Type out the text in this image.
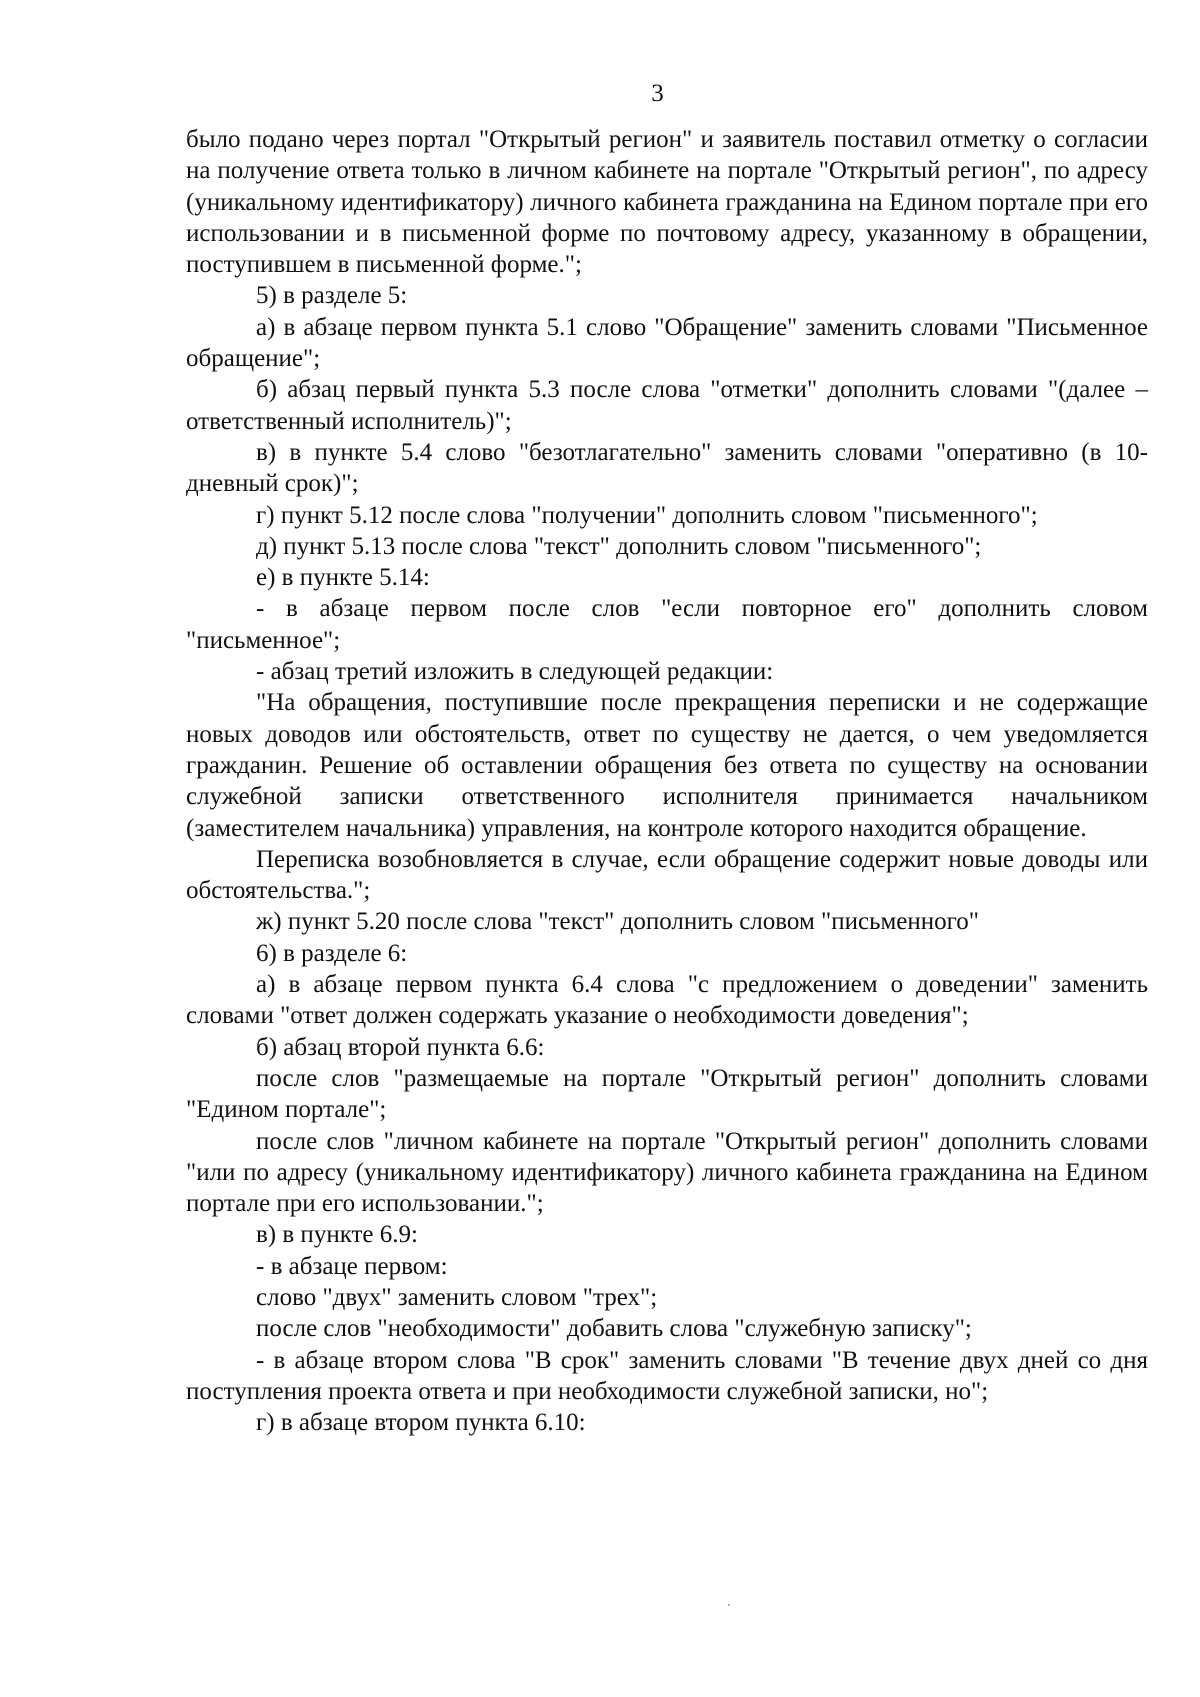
3

было подано через портал "Открытый регион" и заявитель поставил отметку о согласии на получение ответа только в личном кабинете на портале "Открытый регион", по адресу (уникальному идентификатору) личного кабинета гражданина на Едином портале при его использовании и в письменной форме по почтовому адресу, указанному в обращении, поступившем в письменной форме.";

5) в разделе 5:

а) в абзаце первом пункта 5.1 слово "Обращение" заменить словами "Письменное обращение";

б) абзац первый пункта 5.3 после слова "отметки" дополнить словами "(далее – ответственный исполнитель)";

в) в пункте 5.4 слово "безотлагательно" заменить словами "оперативно (в 10-дневный срок)";

г) пункт 5.12 после слова "получении" дополнить словом "письменного";

д) пункт 5.13 после слова "текст" дополнить словом "письменного";

е) в пункте 5.14:

- в абзаце первом после слов "если повторное его" дополнить словом "письменное";

- абзац третий изложить в следующей редакции:

"На обращения, поступившие после прекращения переписки и не содержащие новых доводов или обстоятельств, ответ по существу не дается, о чем уведомляется гражданин. Решение об оставлении обращения без ответа по существу на основании служебной записки ответственного исполнителя принимается начальником (заместителем начальника) управления, на контроле которого находится обращение.

Переписка возобновляется в случае, если обращение содержит новые доводы или обстоятельства.";

ж) пункт 5.20 после слова "текст" дополнить словом "письменного"

6) в разделе 6:

а) в абзаце первом пункта 6.4 слова "с предложением о доведении" заменить словами "ответ должен содержать указание о необходимости доведения";

б) абзац второй пункта 6.6:

после слов "размещаемые на портале "Открытый регион" дополнить словами "Едином портале";

после слов "личном кабинете на портале "Открытый регион" дополнить словами "или по адресу (уникальному идентификатору) личного кабинета гражданина на Едином портале при его использовании.";

в) в пункте 6.9:

- в абзаце первом:

слово "двух" заменить словом "трех";

после слов "необходимости" добавить слова "служебную записку";

- в абзаце втором слова "В срок" заменить словами "В течение двух дней со дня поступления проекта ответа и при необходимости служебной записки, но";

г) в абзаце втором пункта 6.10:
